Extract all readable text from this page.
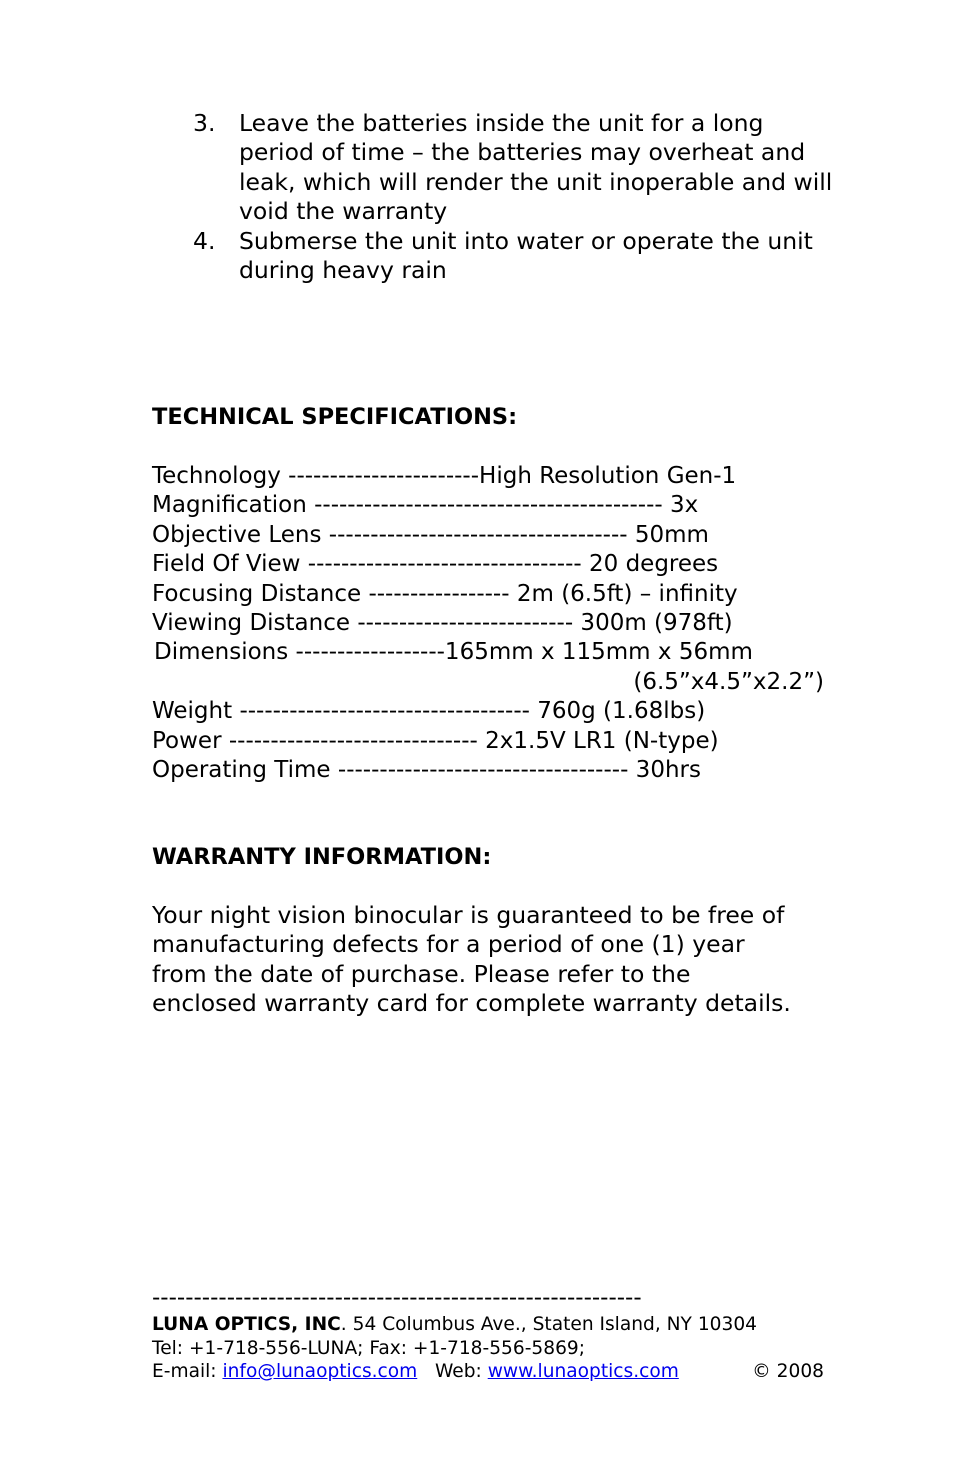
3.	Leave the batteries inside the unit for a long period of time – the batteries may overheat and leak, which will render the unit inoperable and will void the warranty
4.	Submerse the unit into water or operate the unit during heavy rain
TECHNICAL SPECIFICATIONS:
Technology -----------------------High Resolution Gen-1
Magnification ------------------------------------------ 3x
Objective Lens ------------------------------------ 50mm
Field Of View --------------------------------- 20 degrees
Focusing Distance ----------------- 2m (6.5ft) – infinity
Viewing Distance -------------------------- 300m (978ft)
Dimensions ------------------165mm x 115mm x 56mm
(6.5”x4.5”x2.2”)
Weight ----------------------------------- 760g (1.68lbs)
Power ------------------------------ 2x1.5V LR1 (N-type)
Operating Time ----------------------------------- 30hrs
WARRANTY INFORMATION:
Your night vision binocular is guaranteed to be free of
manufacturing defects for a period of one (1) year
from the date of purchase. Please refer to the
enclosed warranty card for complete warranty details.
-----------------------------------------------------------
LUNA OPTICS, INC. 54 Columbus Ave., Staten Island, NY 10304
Tel: +1-718-556-LUNA; Fax: +1-718-556-5869;
E-mail: info@lunaoptics.com   Web: www.lunaoptics.com	© 2008
